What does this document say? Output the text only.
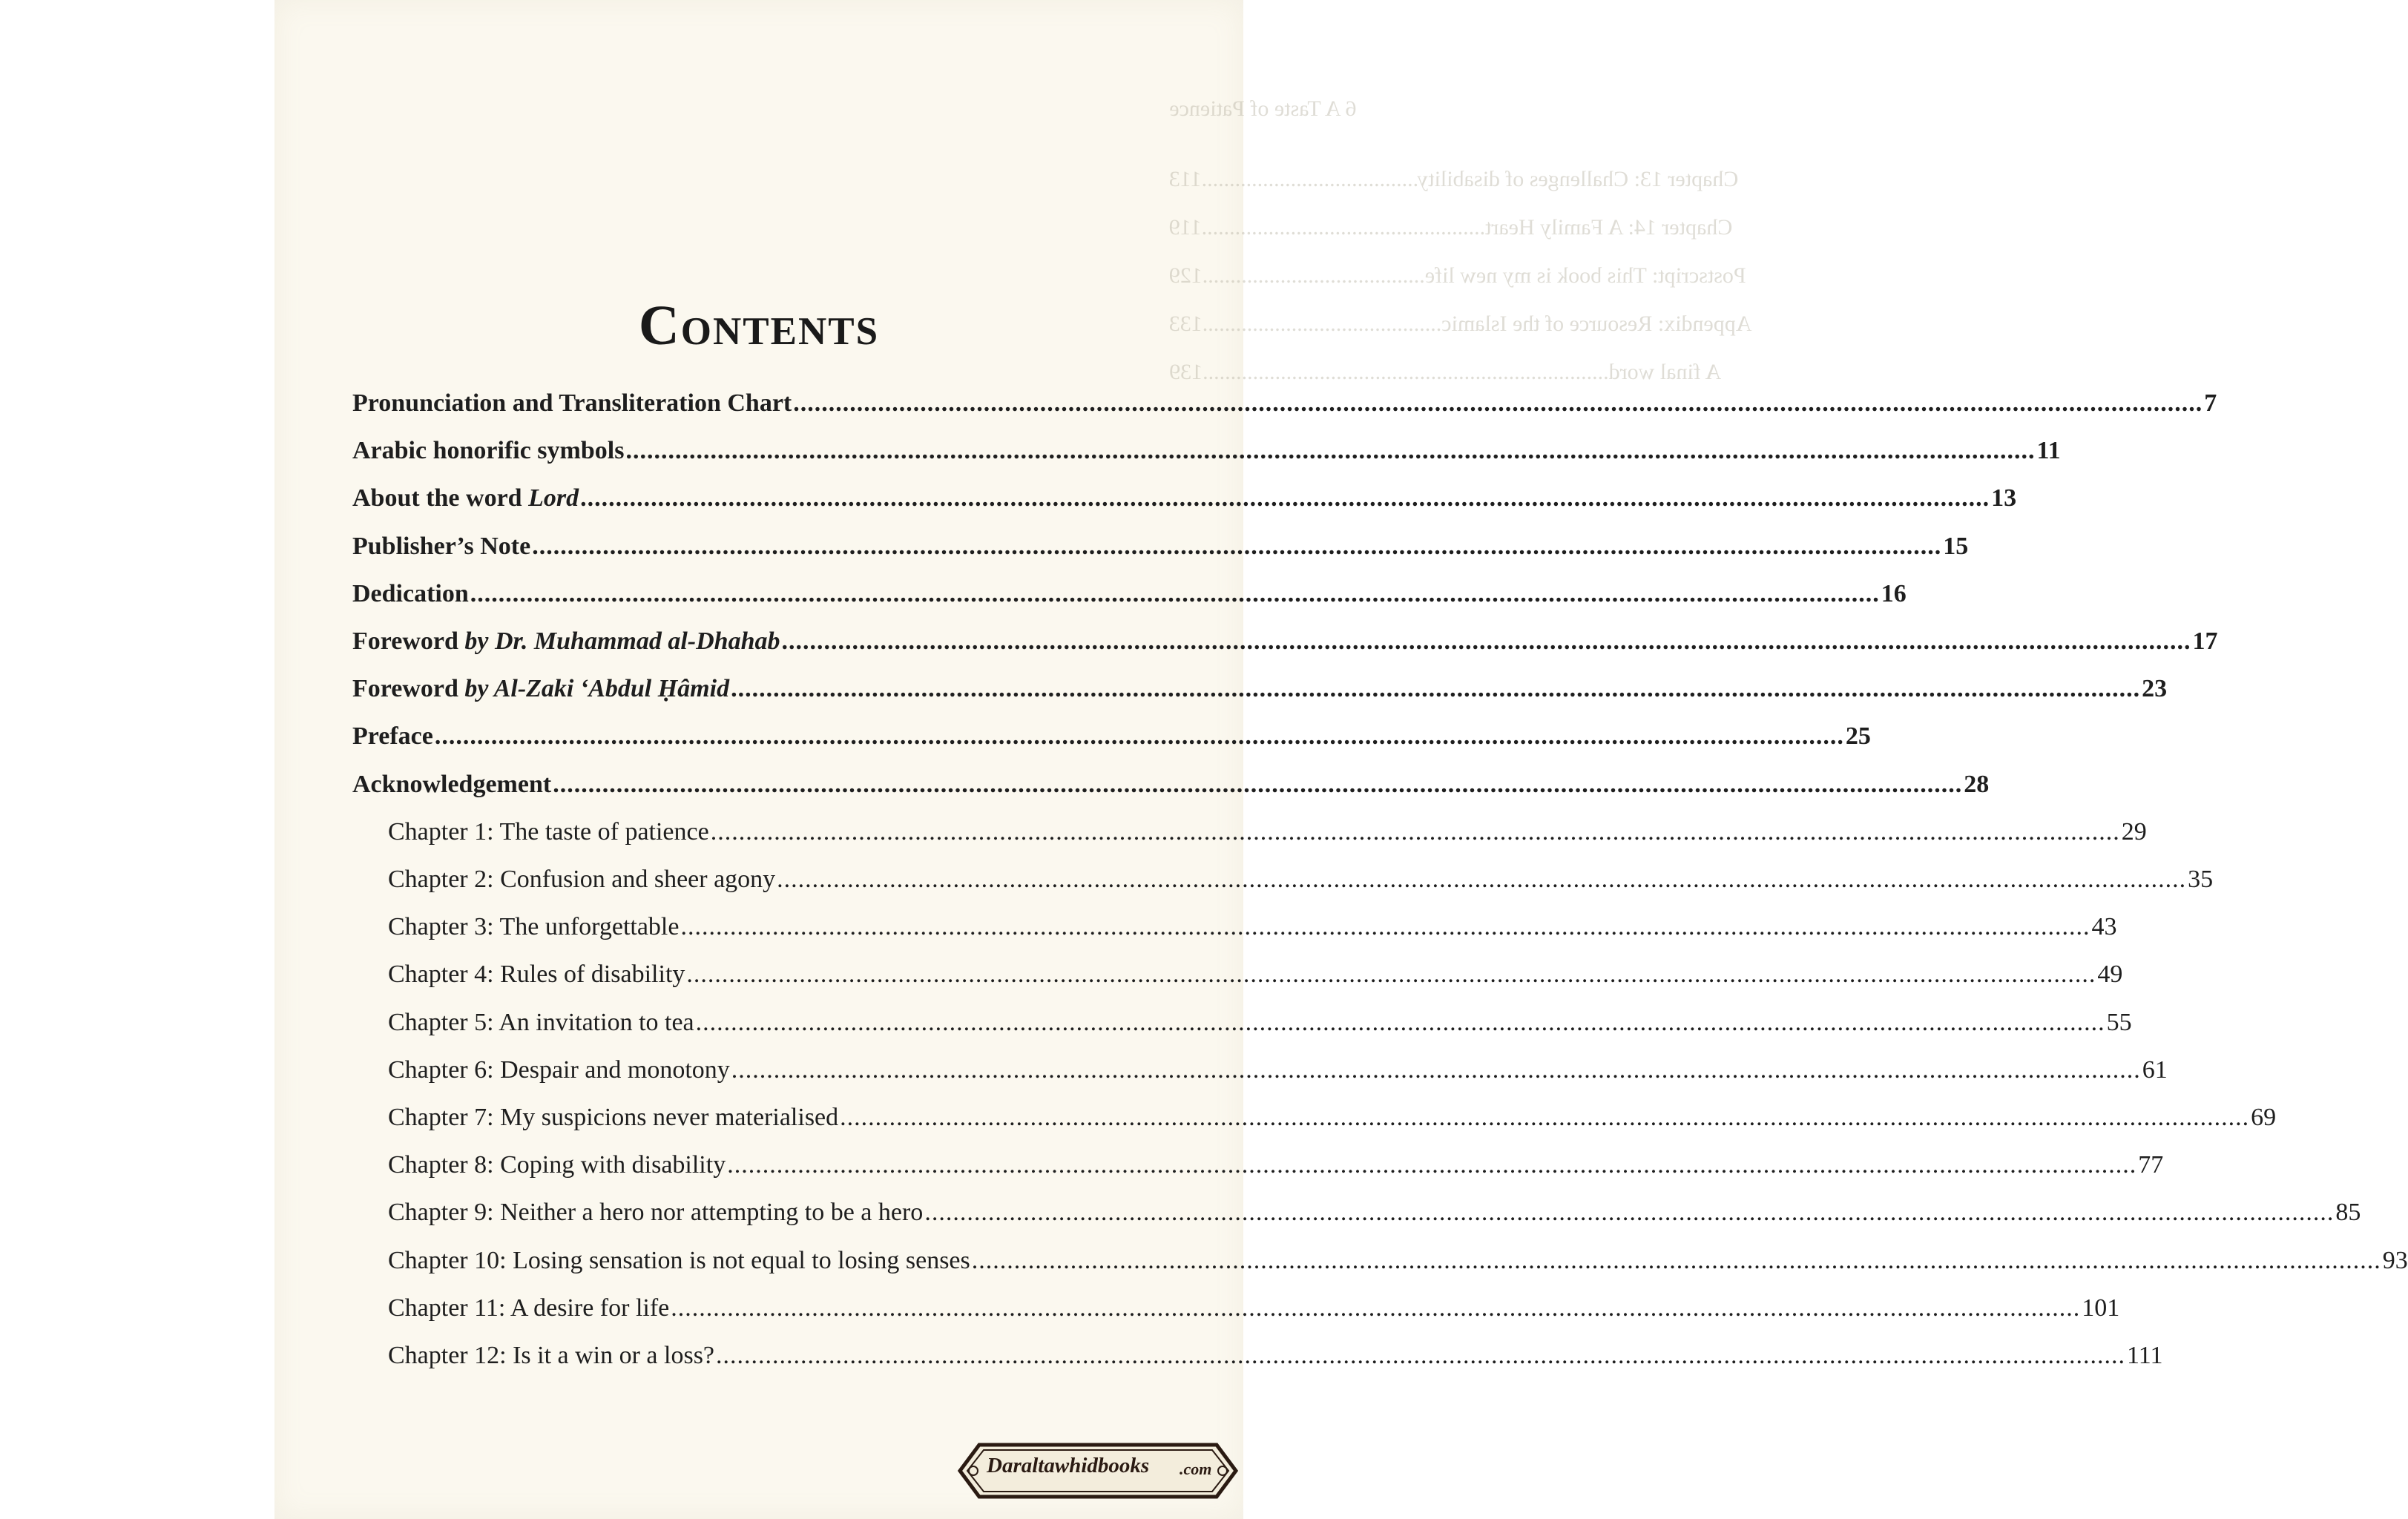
6 A Taste of Patience
Chapter 13: Challenges of disability.......................................113
Chapter 14: A Family Heart...................................................119
Postscript: This book is my new life........................................129
Appendix: Resource of the Islamic...........................................133
A final word.........................................................................139
Contents
Pronunciation and Transliteration Chart .....	7
Arabic honorific symbols .....	11
About the word Lord .....	13
Publisher’s Note .....	15
Dedication .....	16
Foreword by Dr. Muhammad al-Dhahab .....	17
Foreword by Al-Zaki ‘Abdul Ḥâmid .....	23
Preface .....	25
Acknowledgement .....	28
Chapter 1: The taste of patience .....	29
Chapter 2: Confusion and sheer agony .....	35
Chapter 3: The unforgettable .....	43
Chapter 4: Rules of disability .....	49
Chapter 5: An invitation to tea .....	55
Chapter 6: Despair and monotony .....	61
Chapter 7: My suspicions never materialised .....	69
Chapter 8: Coping with disability .....	77
Chapter 9: Neither a hero nor attempting to be a hero .....	85
Chapter 10: Losing sensation is not equal to losing senses .....	93
Chapter 11: A desire for life .....	101
Chapter 12: Is it a win or a loss? .....	111
Daraltawhidbooks .com
